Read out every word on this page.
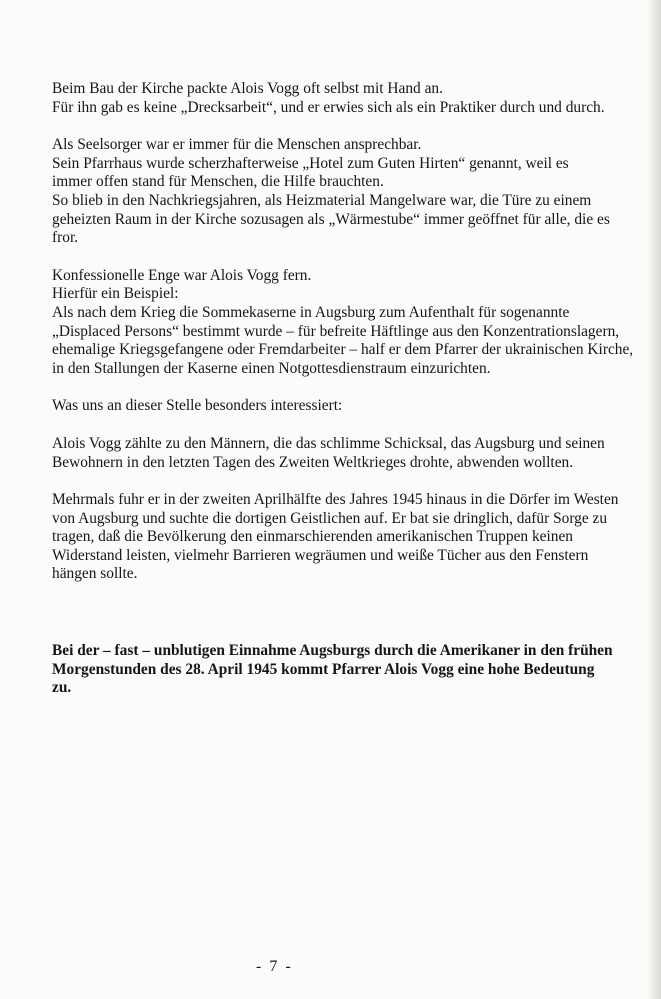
Beim Bau der Kirche packte Alois Vogg oft selbst mit Hand an.
Für ihn gab es keine „Drecksarbeit“, und er erwies sich als ein Praktiker durch und durch.

Als Seelsorger war er immer für die Menschen ansprechbar.
Sein Pfarrhaus wurde scherzhafterweise „Hotel zum Guten Hirten“ genannt, weil es
immer offen stand für Menschen, die Hilfe brauchten.
So blieb in den Nachkriegsjahren, als Heizmaterial Mangelware war, die Türe zu einem
geheizten Raum in der Kirche sozusagen als „Wärmestube“ immer geöffnet für alle, die es
fror.

Konfessionelle Enge war Alois Vogg fern.
Hierfür ein Beispiel:
Als nach dem Krieg die Sommekaserne in Augsburg zum Aufenthalt für sogenannte
„Displaced Persons“ bestimmt wurde – für befreite Häftlinge aus den Konzentrationslagern,
ehemalige Kriegsgefangene oder Fremdarbeiter – half er dem Pfarrer der ukrainischen Kirche,
in den Stallungen der Kaserne einen Notgottesdienstraum einzurichten.

Was uns an dieser Stelle besonders interessiert:

Alois Vogg zählte zu den Männern, die das schlimme Schicksal, das Augsburg und seinen
Bewohnern in den letzten Tagen des Zweiten Weltkrieges drohte, abwenden wollten.

Mehrmals fuhr er in der zweiten Aprilhälfte des Jahres 1945 hinaus in die Dörfer im Westen
von Augsburg und suchte die dortigen Geistlichen auf. Er bat sie dringlich, dafür Sorge zu
tragen, daß die Bevölkerung den einmarschierenden amerikanischen Truppen keinen
Widerstand leisten, vielmehr Barrieren wegräumen und weiße Tücher aus den Fenstern
hängen sollte.

Bei der – fast – unblutigen Einnahme Augsburgs durch die Amerikaner in den frühen
Morgenstunden des 28. April 1945 kommt Pfarrer Alois Vogg eine hohe Bedeutung
zu.

- 7 -
